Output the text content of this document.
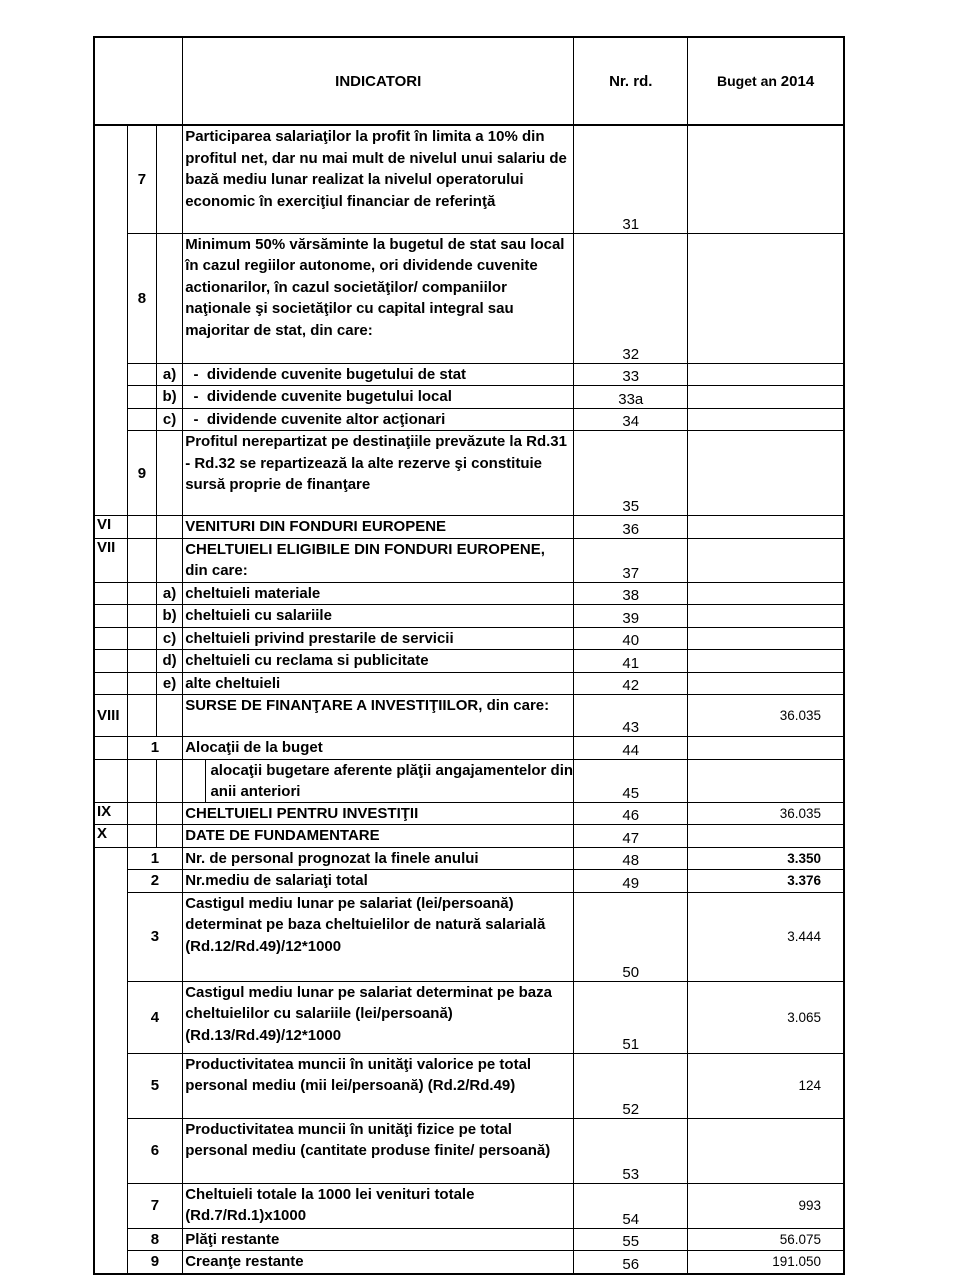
			INDICATORI	Nr. rd.	Buget an 2014
	7		Participarea salariaţilor la profit în limita a 10% din profitul net, dar nu mai mult de nivelul unui salariu de bază mediu lunar realizat la nivelul operatorului economic în exerciţiul financiar de referinţă	31	
	8		Minimum 50% vărsăminte la bugetul de stat sau local în cazul regiilor autonome, ori dividende cuvenite actionarilor, în cazul societăţilor/ companiilor naţionale şi societăţilor cu capital integral sau majoritar de stat, din care:	32	
		a)	-  dividende cuvenite bugetului de stat	33	
		b)	-  dividende cuvenite bugetului local	33a	
		c)	-  dividende cuvenite altor acţionari	34	
	9		Profitul nerepartizat pe destinaţiile prevăzute la Rd.31 - Rd.32 se repartizează la alte rezerve şi constituie sursă proprie de finanţare	35	
VI			VENITURI DIN FONDURI EUROPENE	36	
VII			CHELTUIELI ELIGIBILE DIN FONDURI EUROPENE, din care:	37	
		a)	cheltuieli materiale	38	
		b)	cheltuieli cu salariile	39	
		c)	cheltuieli privind prestarile de servicii	40	
		d)	cheltuieli cu reclama si publicitate	41	
		e)	alte cheltuieli	42	
VIII			SURSE DE FINANŢARE A INVESTIŢIILOR, din care:	43	36.035
	1		Alocaţii de la buget	44	

			alocaţii bugetare aferente plăţii angajamentelor din anii anteriori	45	
IX			CHELTUIELI PENTRU INVESTIŢII	46	36.035
X			DATE DE FUNDAMENTARE	47	
	1		Nr. de personal prognozat la finele anului	48	3.350
	2		Nr.mediu de salariaţi total	49	3.376
	3		Castigul mediu lunar pe salariat (lei/persoană) determinat pe baza cheltuielilor de natură salarială (Rd.12/Rd.49)/12*1000	50	3.444
	4		Castigul mediu lunar pe salariat determinat pe baza cheltuielilor cu salariile (lei/persoană) (Rd.13/Rd.49)/12*1000	51	3.065
	5		Productivitatea muncii în unităţi valorice pe total personal mediu (mii lei/persoană) (Rd.2/Rd.49)	52	124
	6		Productivitatea muncii în unităţi fizice pe total personal mediu (cantitate produse finite/ persoană)	53	
	7		Cheltuieli totale la 1000 lei venituri totale (Rd.7/Rd.1)x1000	54	993
	8		Plăţi restante	55	56.075
	9		Creanţe restante	56	191.050
